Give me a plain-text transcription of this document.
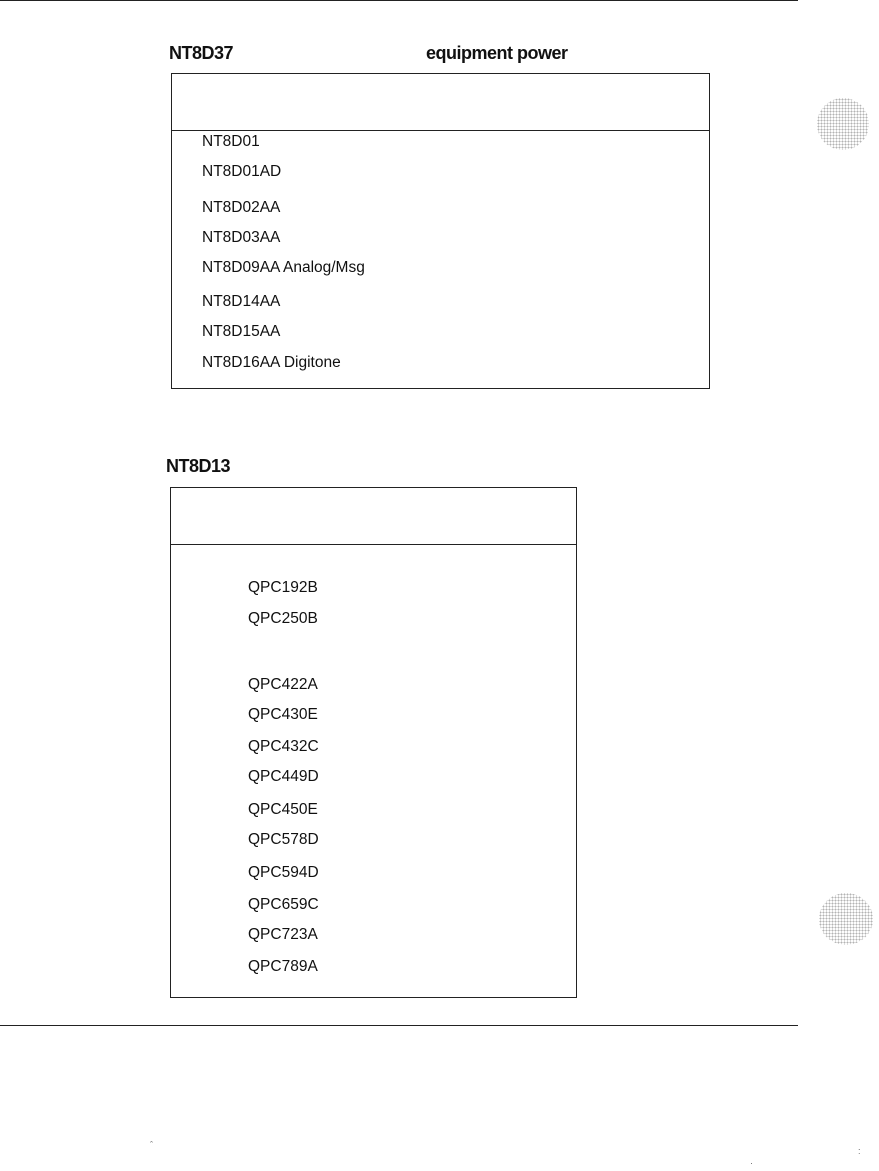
NT8D37	equipment power
NT8D01
NT8D01AD
NT8D02AA
NT8D03AA
NT8D09AA Analog/Msg
NT8D14AA
NT8D15AA
NT8D16AA Digitone
NT8D13
QPC192B
QPC250B
QPC422A
QPC430E
QPC432C
QPC449D
QPC450E
QPC578D
QPC594D
QPC659C
QPC723A
QPC789A
ˆ
·
:
